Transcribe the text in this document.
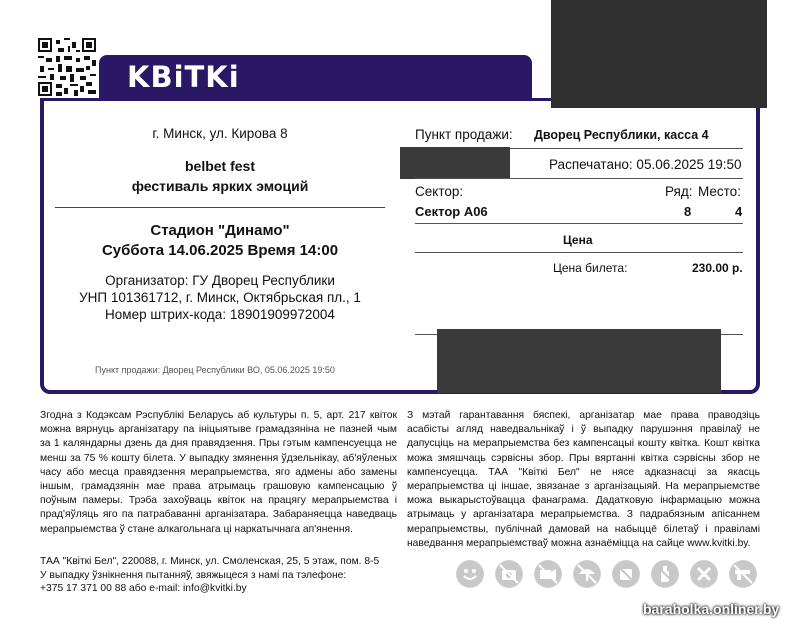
KBiTKi
г. Минск, ул. Кирова 8
belbet fest
фестиваль ярких эмоций
Стадион "Динамо"
Суббота 14.06.2025 Время 14:00
Организатор: ГУ Дворец Республики
УНП 101361712, г. Минск, Октябрьская пл., 1
Номер штрих-кода: 18901909972004
Пункт продажи: Дворец Республики ВО, 05.06.2025 19:50
Пункт продажи: Дворец Республики, касса 4
Распечатано: 05.06.2025 19:50
Сектор:	Ряд: Место:
Сектор А06	8	4
Цена
Цена билета:	230.00 р.
Згодна з Кодэксам Рэспублікі Беларусь аб культуры п. 5, арт. 217 квіток можна вярнуць арганізатару па ініцыятыве грамадзяніна не пазней чым за 1 каляндарны дзень да дня правядзення. Пры гэтым кампенсуецца не менш за 75 % кошту білета. У выпадку змянення ўдзельнікау, аб'яўленых часу або месца правядзення мерапрыемства, яго адмены або замены іншым, грамадзянін мае права атрымаць грашовую кампенсацыю ў поўным памеры. Трэба захоўваць квіток на працягу мерапрыемства і прад'яўляць яго па патрабаванні арганізатара. Забараняецца наведваць мерапрыемства ў стане алкагольнага ці наркатычнага ап'янення.
З мэтай гарантавання бяспекі, арганізатар мае права праводзіць асабісты агляд наведвальнікаў і ў выпадку парушэння правілаў не дапусціць на мерапрыемства без кампенсацыі кошту квітка. Кошт квітка можа змяшчаць сэрвісны збор. Пры вяртанні квітка сэрвісны збор не кампенсуецца. ТАА "Квіткі Бел" не нясе адказнасці за якасць мерапрыемства ці іншае, звязанае з арганізацыяй. На мерапрыемстве можа выкарыстоўвацца фанаграма. Дадатковую інфармацыю можна атрымаць у арганізатара мерапрыемства. З падрабязным апісаннем мерапрыемствы, публічнай дамовай на набыццё білетаў і правіламі наведвання мерапрыемстваў можна азнаёміцца на сайце www.kvitki.by.
ТАА "Квіткі Бел", 220088, г. Минск, ул. Смоленская, 25, 5 этаж, пом. 8-5
У выпадку ўзнікнення пытанняў, звяжыцеся з намі па тэлефоне:
+375 17 371 00 88 або e-mail: info@kvitki.by
baraholka.onliner.by
